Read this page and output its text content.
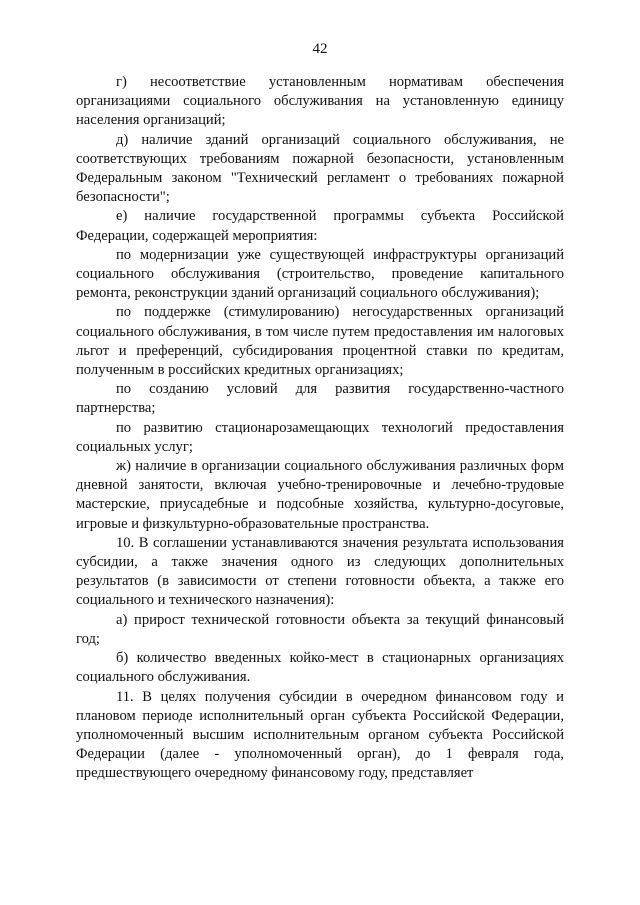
42

г) несоответствие установленным нормативам обеспечения организациями социального обслуживания на установленную единицу населения организаций;

д) наличие зданий организаций социального обслуживания, не соответствующих требованиям пожарной безопасности, установленным Федеральным законом "Технический регламент о требованиях пожарной безопасности";

е) наличие государственной программы субъекта Российской Федерации, содержащей мероприятия:

по модернизации уже существующей инфраструктуры организаций социального обслуживания (строительство, проведение капитального ремонта, реконструкции зданий организаций социального обслуживания);

по поддержке (стимулированию) негосударственных организаций социального обслуживания, в том числе путем предоставления им налоговых льгот и преференций, субсидирования процентной ставки по кредитам, полученным в российских кредитных организациях;

по созданию условий для развития государственно-частного партнерства;

по развитию стационарозамещающих технологий предоставления социальных услуг;

ж) наличие в организации социального обслуживания различных форм дневной занятости, включая учебно-тренировочные и лечебно-трудовые мастерские, приусадебные и подсобные хозяйства, культурно-досуговые, игровые и физкультурно-образовательные пространства.

10. В соглашении устанавливаются значения результата использования субсидии, а также значения одного из следующих дополнительных результатов (в зависимости от степени готовности объекта, а также его социального и технического назначения):

а) прирост технической готовности объекта за текущий финансовый год;

б) количество введенных койко-мест в стационарных организациях социального обслуживания.

11. В целях получения субсидии в очередном финансовом году и плановом периоде исполнительный орган субъекта Российской Федерации, уполномоченный высшим исполнительным органом субъекта Российской Федерации (далее - уполномоченный орган), до 1 февраля года, предшествующего очередному финансовому году, представляет
